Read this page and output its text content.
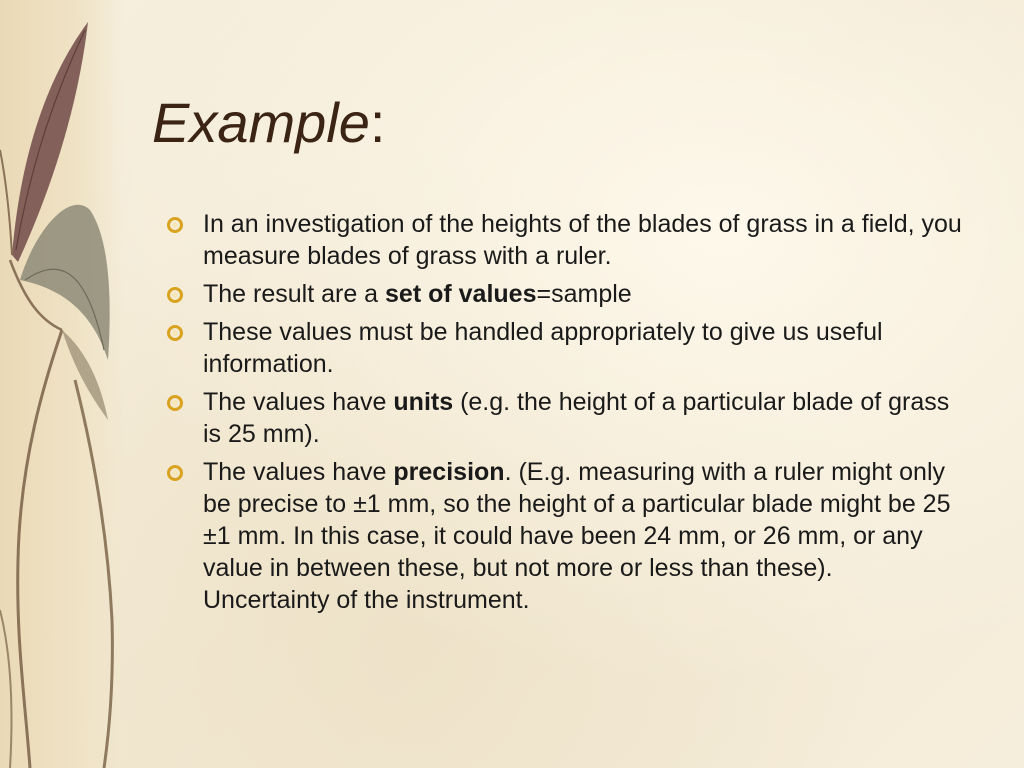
Example:
In an investigation of the heights of the blades of grass in a field, you measure blades of grass with a ruler.
The result are a set of values=sample
These values must be handled appropriately to give us useful information.
The values have units (e.g. the height of a particular blade of grass is 25 mm).
The values have precision. (E.g. measuring with a ruler might only be precise to ±1 mm, so the height of a particular blade might be 25 ±1 mm. In this case, it could have been 24 mm, or 26 mm, or any value in between these, but not more or less than these).   Uncertainty of the instrument.
